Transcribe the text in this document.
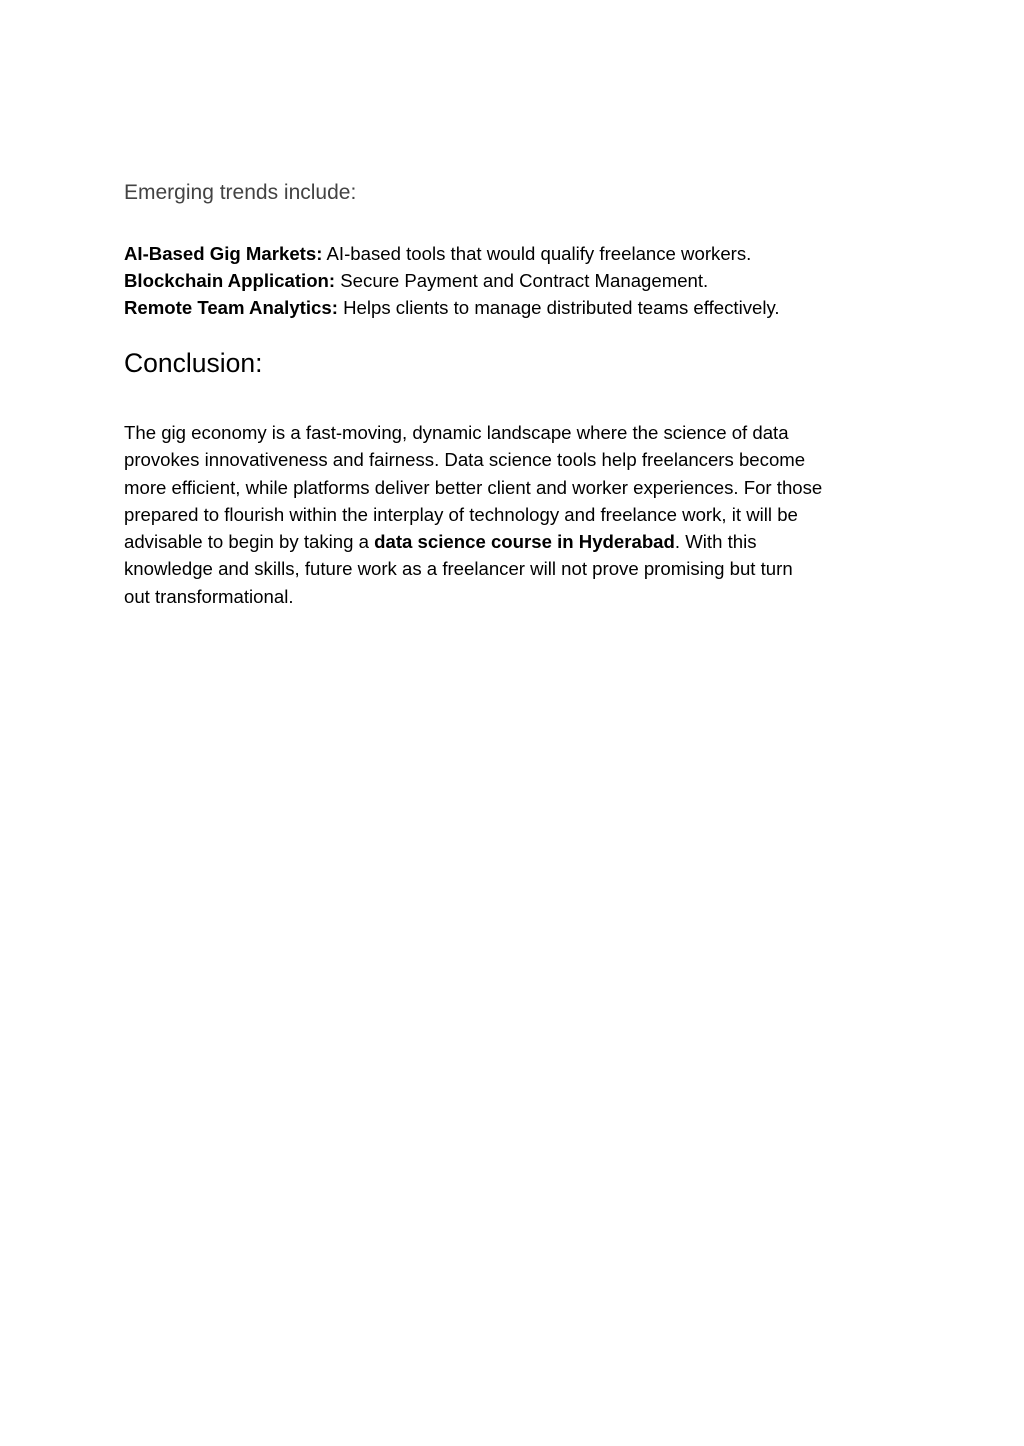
Emerging trends include:

AI-Based Gig Markets: AI-based tools that would qualify freelance workers.
Blockchain Application: Secure Payment and Contract Management.
Remote Team Analytics: Helps clients to manage distributed teams effectively.
Conclusion:
The gig economy is a fast-moving, dynamic landscape where the science of data
provokes innovativeness and fairness. Data science tools help freelancers become
more efficient, while platforms deliver better client and worker experiences. For those
prepared to flourish within the interplay of technology and freelance work, it will be
advisable to begin by taking a data science course in Hyderabad. With this
knowledge and skills, future work as a freelancer will not prove promising but turn
out transformational.
